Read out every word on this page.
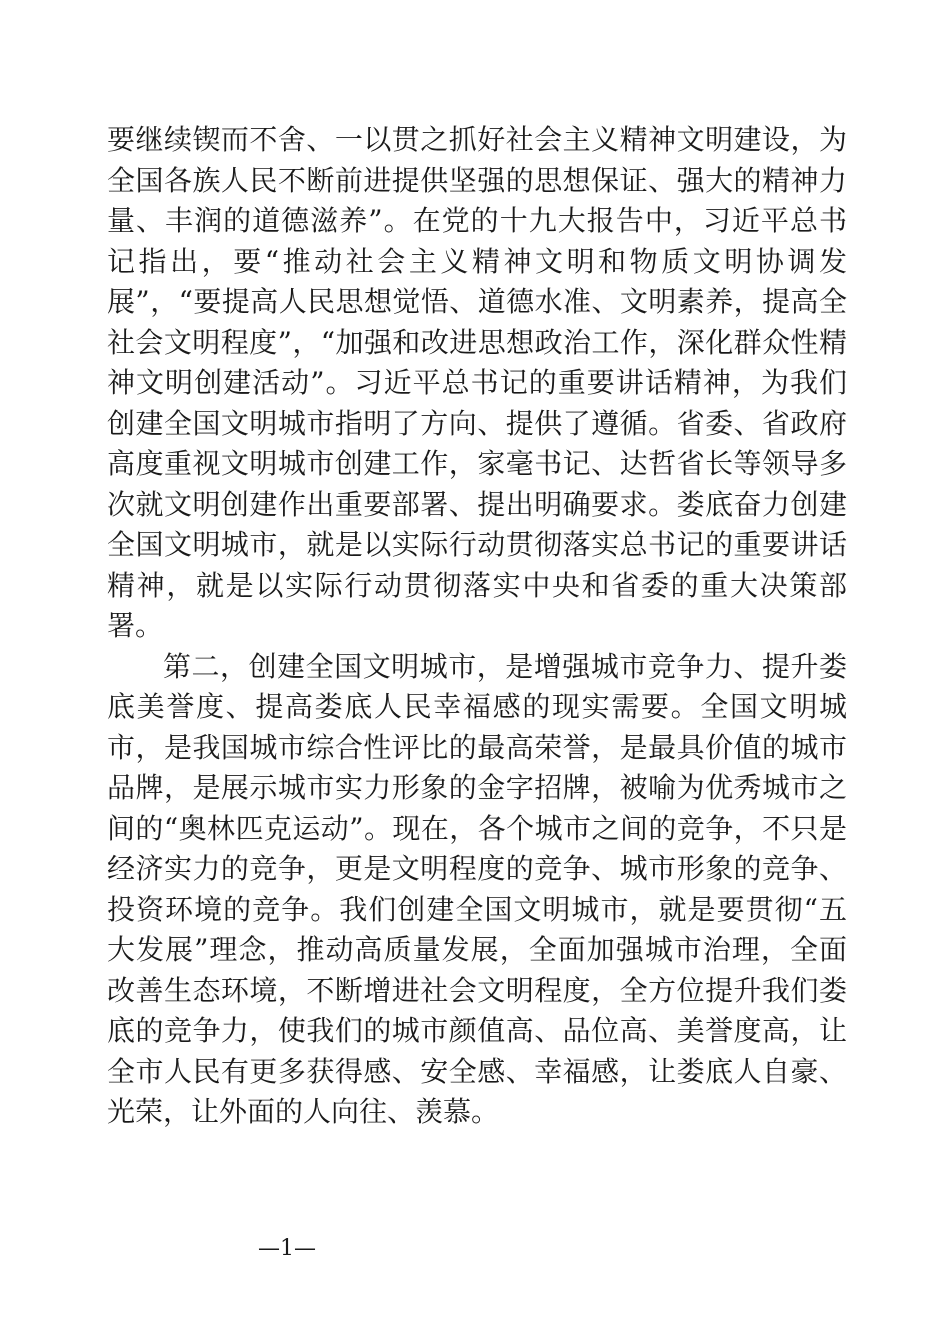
要继续锲而不舍、一以贯之抓好社会主义精神文明建设，为全国各族人民不断前进提供坚强的思想保证、强大的精神力量、丰润的道德滋养”。在党的十九大报告中，习近平总书记指出，要“推动社会主义精神文明和物质文明协调发展”，“要提高人民思想觉悟、道德水准、文明素养，提高全社会文明程度”，“加强和改进思想政治工作，深化群众性精神文明创建活动”。习近平总书记的重要讲话精神，为我们创建全国文明城市指明了方向、提供了遵循。省委、省政府高度重视文明城市创建工作，家毫书记、达哲省长等领导多次就文明创建作出重要部署、提出明确要求。娄底奋力创建全国文明城市，就是以实际行动贯彻落实总书记的重要讲话精神，就是以实际行动贯彻落实中央和省委的重大决策部署。

第二，创建全国文明城市，是增强城市竞争力、提升娄底美誉度、提高娄底人民幸福感的现实需要。全国文明城市，是我国城市综合性评比的最高荣誉，是最具价值的城市品牌，是展示城市实力形象的金字招牌，被喻为优秀城市之间的“奥林匹克运动”。现在，各个城市之间的竞争，不只是经济实力的竞争，更是文明程度的竞争、城市形象的竞争、投资环境的竞争。我们创建全国文明城市，就是要贯彻“五大发展”理念，推动高质量发展，全面加强城市治理，全面改善生态环境，不断增进社会文明程度，全方位提升我们娄底的竞争力，使我们的城市颜值高、品位高、美誉度高，让全市人民有更多获得感、安全感、幸福感，让娄底人自豪、光荣，让外面的人向往、羡慕。

—1—
